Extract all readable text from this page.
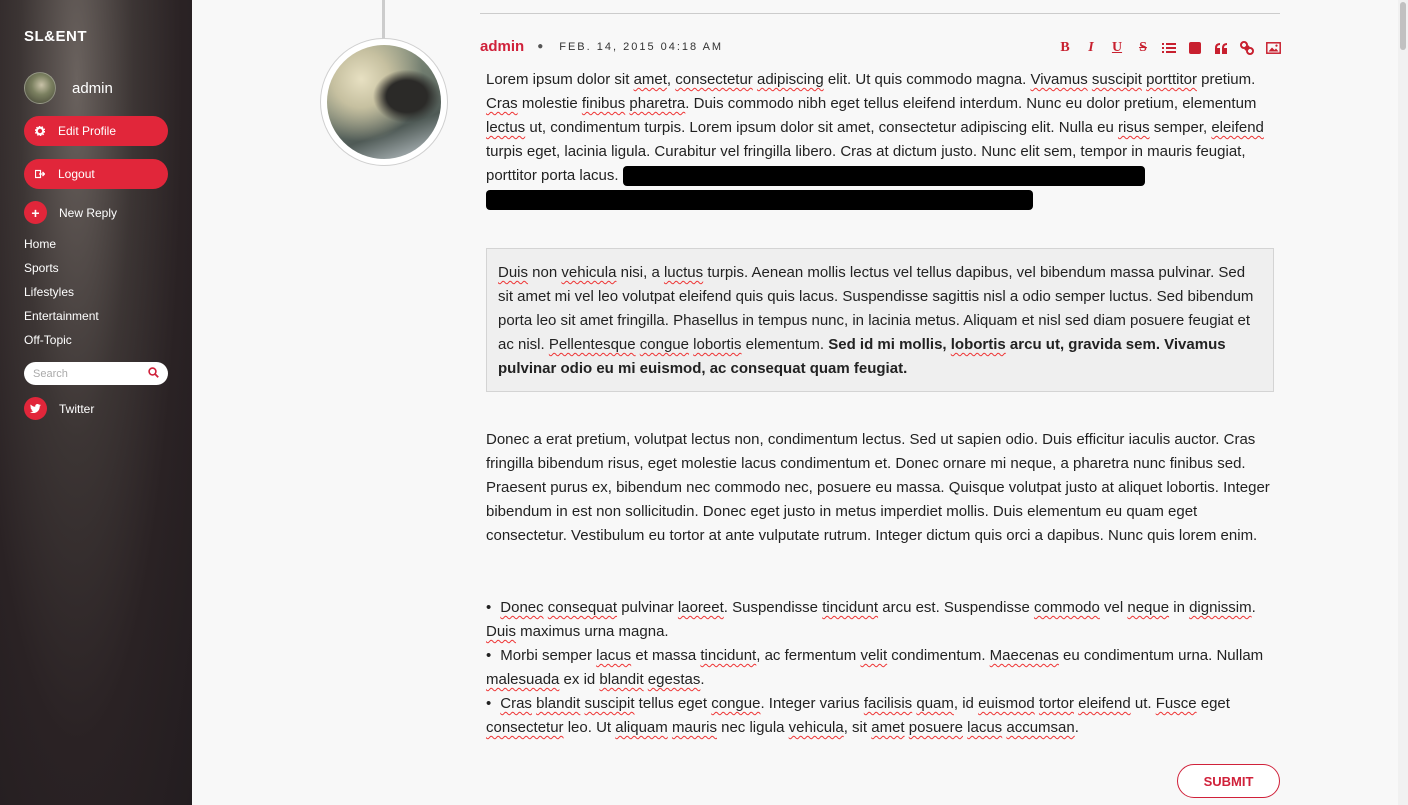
SL&ENT
admin
Edit Profile
Logout
+	New Reply
Home
Sports
Lifestyles
Entertainment
Off-Topic
Search
Twitter
admin ● FEB. 14, 2015 04:18 AM	B	I	U	S
Lorem ipsum dolor sit amet, consectetur adipiscing elit. Ut quis commodo magna. Vivamus suscipit porttitor pretium. Cras molestie finibus pharetra. Duis commodo nibh eget tellus eleifend interdum. Nunc eu dolor pretium, elementum lectus ut, condimentum turpis. Lorem ipsum dolor sit amet, consectetur adipiscing elit. Nulla eu risus semper, eleifend turpis eget, lacinia ligula. Curabitur vel fringilla libero. Cras at dictum justo. Nunc elit sem, tempor in mauris feugiat, porttitor porta lacus.
Duis non vehicula nisi, a luctus turpis. Aenean mollis lectus vel tellus dapibus, vel bibendum massa pulvinar. Sed sit amet mi vel leo volutpat eleifend quis quis lacus. Suspendisse sagittis nisl a odio semper luctus. Sed bibendum porta leo sit amet fringilla. Phasellus in tempus nunc, in lacinia metus. Aliquam et nisl sed diam posuere feugiat et ac nisl. Pellentesque congue lobortis elementum. Sed id mi mollis, lobortis arcu ut, gravida sem. Vivamus pulvinar odio eu mi euismod, ac consequat quam feugiat.
Donec a erat pretium, volutpat lectus non, condimentum lectus. Sed ut sapien odio. Duis efficitur iaculis auctor. Cras fringilla bibendum risus, eget molestie lacus condimentum et. Donec ornare mi neque, a pharetra nunc finibus sed. Praesent purus ex, bibendum nec commodo nec, posuere eu massa. Quisque volutpat justo at aliquet lobortis. Integer bibendum in est non sollicitudin. Donec eget justo in metus imperdiet mollis. Duis elementum eu quam eget consectetur. Vestibulum eu tortor at ante vulputate rutrum. Integer dictum quis orci a dapibus. Nunc quis lorem enim.
• Donec consequat pulvinar laoreet. Suspendisse tincidunt arcu est. Suspendisse commodo vel neque in dignissim. Duis maximus urna magna.
• Morbi semper lacus et massa tincidunt, ac fermentum velit condimentum. Maecenas eu condimentum urna. Nullam malesuada ex id blandit egestas.
• Cras blandit suscipit tellus eget congue. Integer varius facilisis quam, id euismod tortor eleifend ut. Fusce eget consectetur leo. Ut aliquam mauris nec ligula vehicula, sit amet posuere lacus accumsan.
SUBMIT
